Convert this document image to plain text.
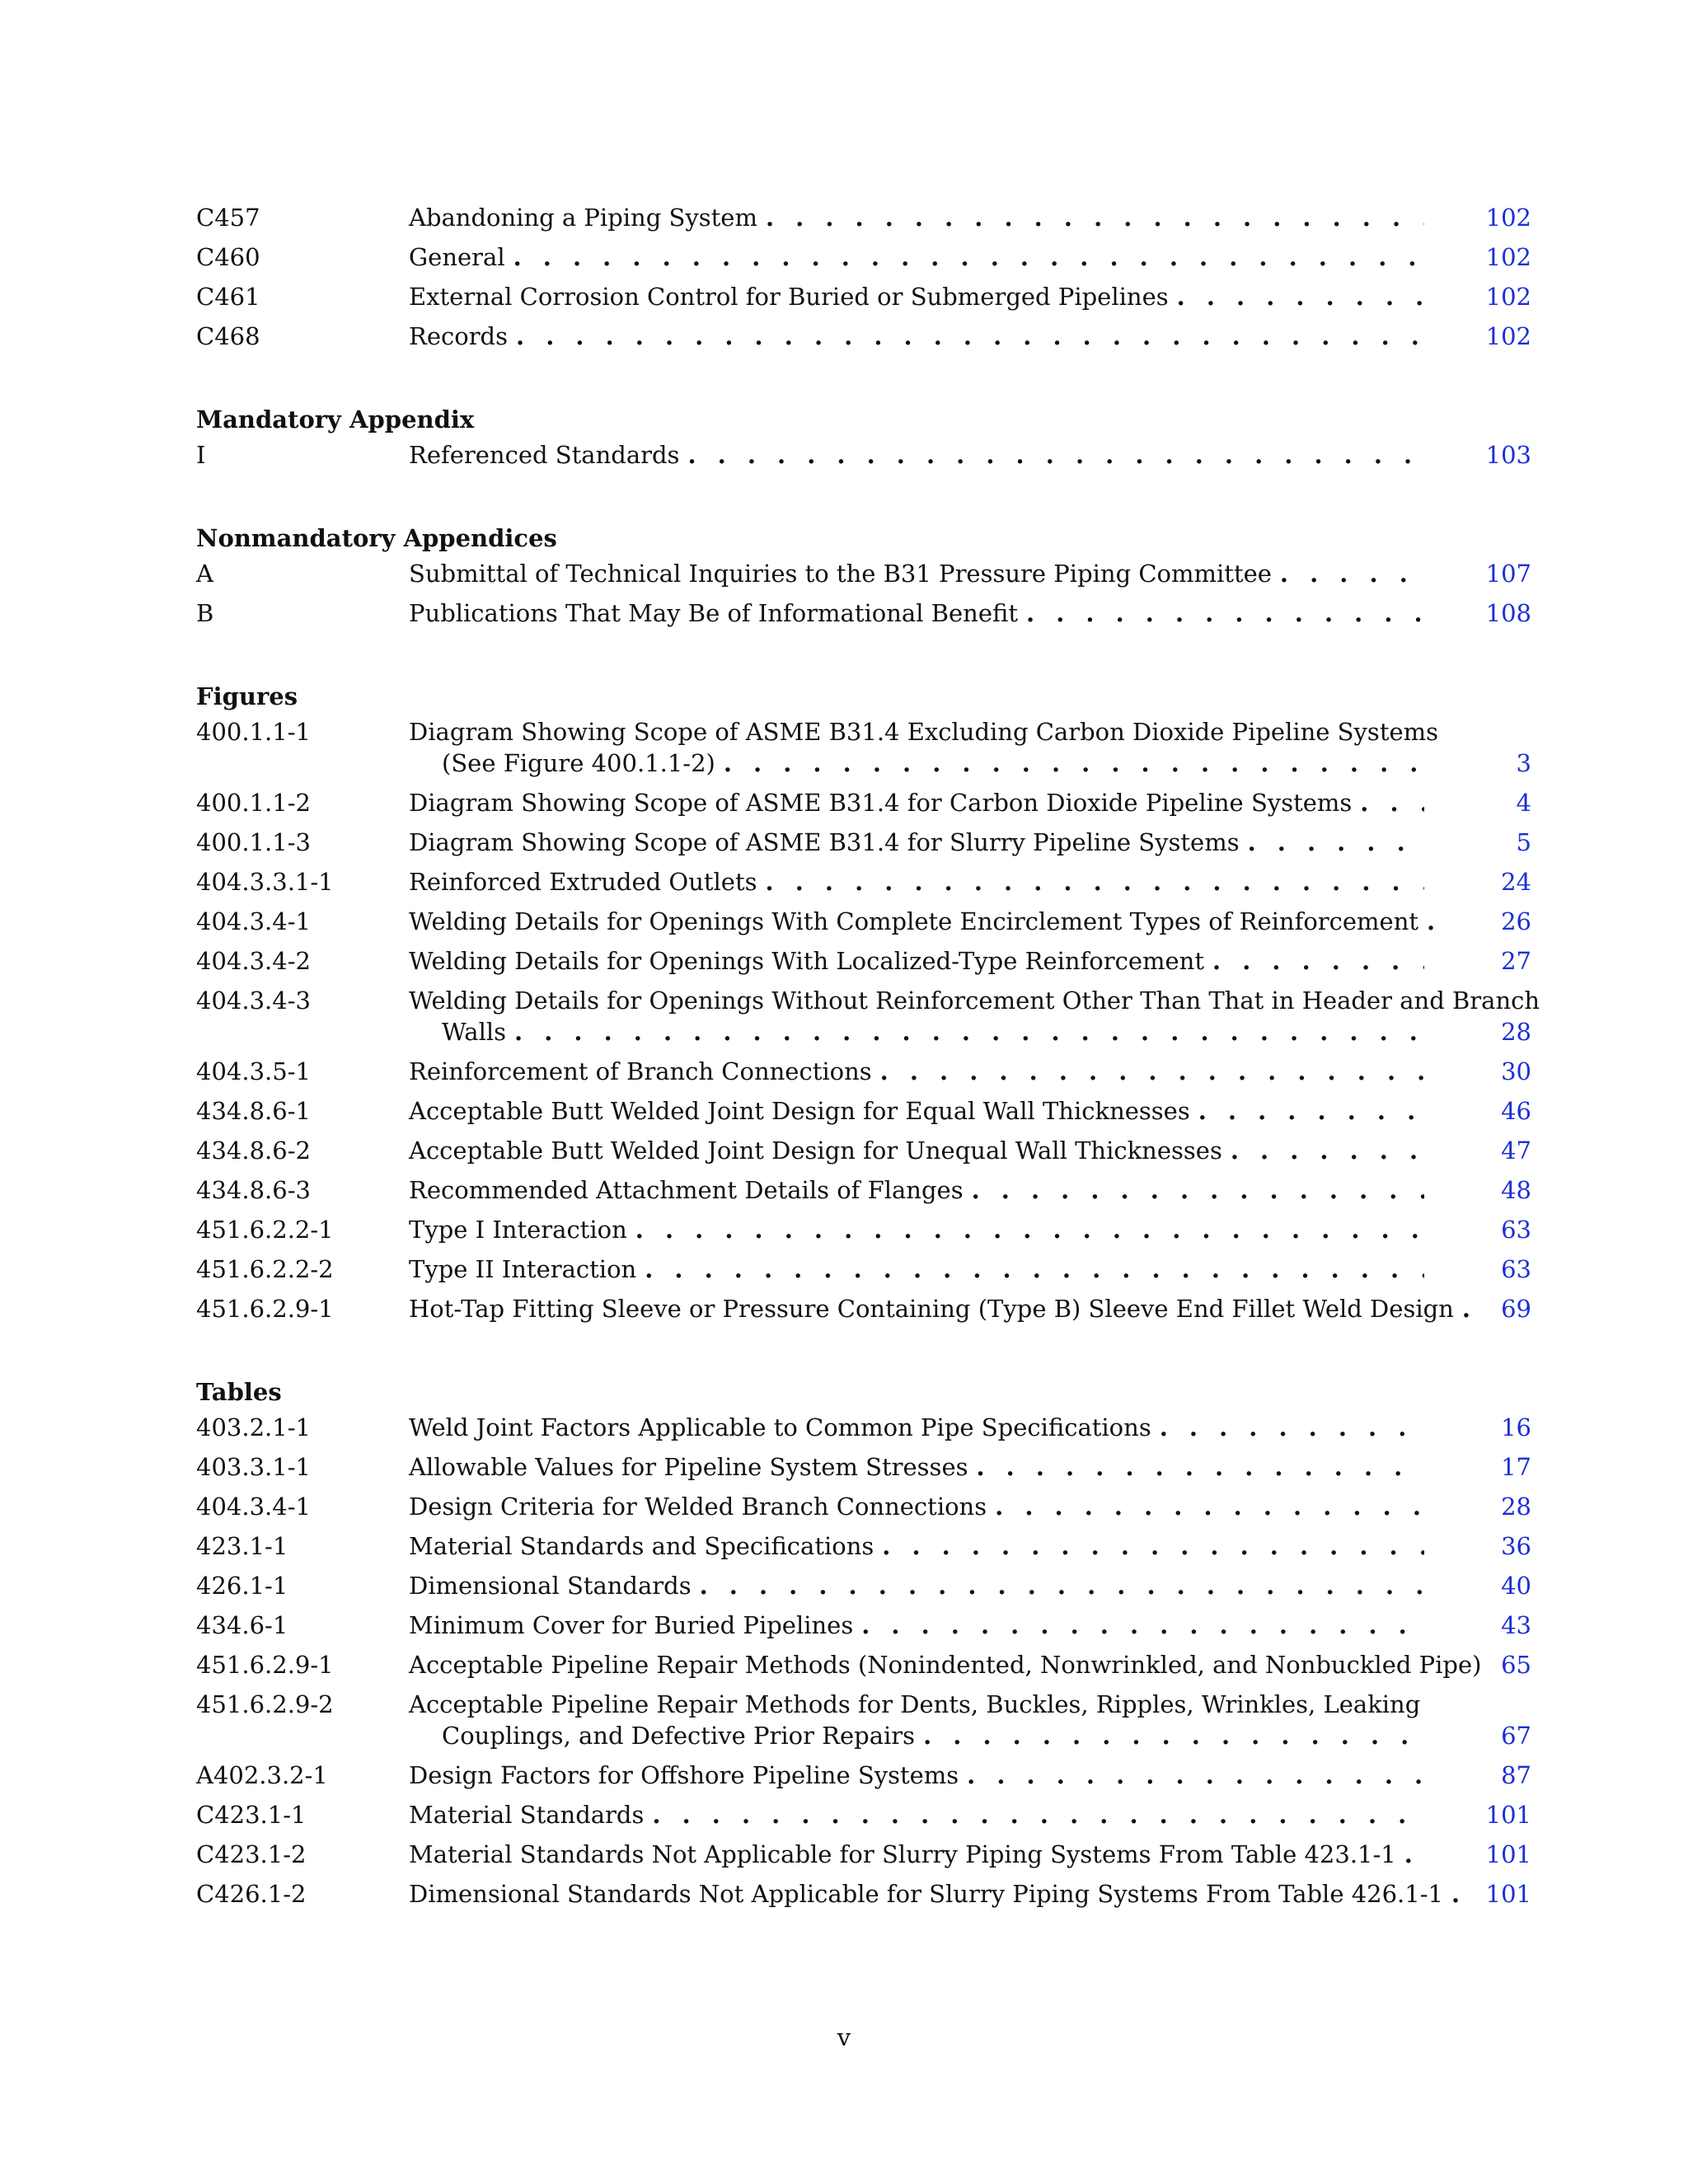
C457	Abandoning a Piping System . . .	102
C460	General . . .	102
C461	External Corrosion Control for Buried or Submerged Pipelines . . .	102
C468	Records . . .	102
Mandatory Appendix
I	Referenced Standards . . .	103
Nonmandatory Appendices
A	Submittal of Technical Inquiries to the B31 Pressure Piping Committee . . .	107
B	Publications That May Be of Informational Benefit . . .	108
Figures
400.1.1-1	Diagram Showing Scope of ASME B31.4 Excluding Carbon Dioxide Pipeline Systems
(See Figure 400.1.1-2) . . .	3
400.1.1-2	Diagram Showing Scope of ASME B31.4 for Carbon Dioxide Pipeline Systems . . .	4
400.1.1-3	Diagram Showing Scope of ASME B31.4 for Slurry Pipeline Systems . . .	5
404.3.3.1-1	Reinforced Extruded Outlets . . .	24
404.3.4-1	Welding Details for Openings With Complete Encirclement Types of Reinforcement . . .	26
404.3.4-2	Welding Details for Openings With Localized-Type Reinforcement . . .	27
404.3.4-3	Welding Details for Openings Without Reinforcement Other Than That in Header and Branch
Walls . . .	28
404.3.5-1	Reinforcement of Branch Connections . . .	30
434.8.6-1	Acceptable Butt Welded Joint Design for Equal Wall Thicknesses . . .	46
434.8.6-2	Acceptable Butt Welded Joint Design for Unequal Wall Thicknesses . . .	47
434.8.6-3	Recommended Attachment Details of Flanges . . .	48
451.6.2.2-1	Type I Interaction . . .	63
451.6.2.2-2	Type II Interaction . . .	63
451.6.2.9-1	Hot-Tap Fitting Sleeve or Pressure Containing (Type B) Sleeve End Fillet Weld Design . . .	69
Tables
403.2.1-1	Weld Joint Factors Applicable to Common Pipe Specifications . . .	16
403.3.1-1	Allowable Values for Pipeline System Stresses . . .	17
404.3.4-1	Design Criteria for Welded Branch Connections . . .	28
423.1-1	Material Standards and Specifications . . .	36
426.1-1	Dimensional Standards . . .	40
434.6-1	Minimum Cover for Buried Pipelines . . .	43
451.6.2.9-1	Acceptable Pipeline Repair Methods (Nonindented, Nonwrinkled, and Nonbuckled Pipe) 65
451.6.2.9-2	Acceptable Pipeline Repair Methods for Dents, Buckles, Ripples, Wrinkles, Leaking
Couplings, and Defective Prior Repairs . . .	67
A402.3.2-1	Design Factors for Offshore Pipeline Systems . . .	87
C423.1-1	Material Standards . . .	101
C423.1-2	Material Standards Not Applicable for Slurry Piping Systems From Table 423.1-1 . . .	101
C426.1-2	Dimensional Standards Not Applicable for Slurry Piping Systems From Table 426.1-1 . . .	101
v
